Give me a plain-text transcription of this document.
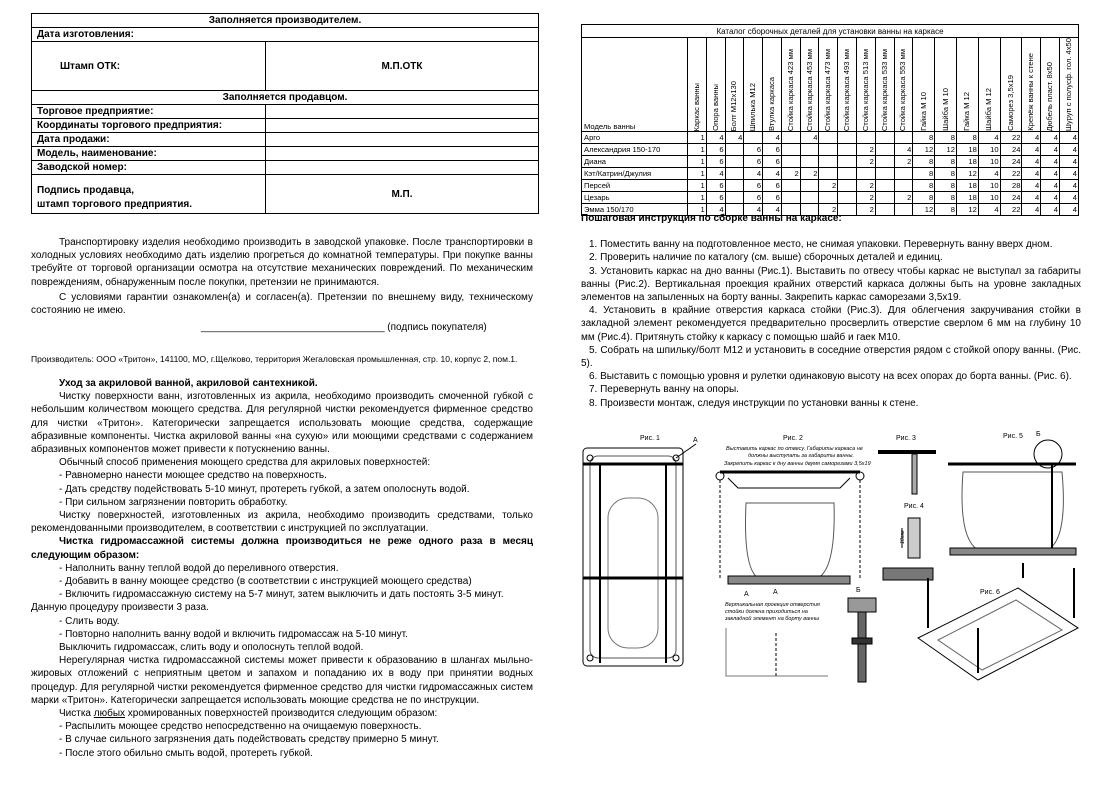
Заполняется производителем.	
Дата изготовления:	
Штамп ОТК:	М.П.ОТК
Заполняется продавцом.	
Торговое предприятие:	
Координаты торгового предприятия:	
Дата продажи:	
Модель, наименование:	
Заводской номер:	
Подпись продавца,
штамп торгового предприятия.	М.П.

Транспортировку изделия необходимо производить в заводской упаковке. После транспортировки в холодных условиях необходимо дать изделию прогреться до комнатной температуры. При покупке ванны требуйте от торговой организации осмотра на отсутствие механических повреждений. По механическим повреждениям, обнаруженным после покупки, претензии не принимаются.

С условиями гарантии ознакомлен(а) и согласен(а). Претензии по внешнему виду, техническому состоянию не имею.

_________________________________ (подпись покупателя)

Производитель: ООО «Тритон», 141100, МО, г.Щелково, территория Жегаловская промышленная, стр. 10, корпус 2, пом.1.

Уход за акриловой ванной, акриловой сантехникой.

Чистку поверхности ванн, изготовленных из акрила, необходимо производить смоченной губкой с небольшим количеством моющего средства. Для регулярной чистки рекомендуется фирменное средство для чистки «Тритон». Категорически запрещается использовать моющие средства, содержащие абразивные компоненты. Чистка акриловой ванны «на сухую» или моющими средствами с содержанием абразивных компонентов может привести к потускнению ванны.

Обычный способ применения моющего средства для акриловых поверхностей:

- Равномерно нанести моющее средство на поверхность.

- Дать средству подействовать 5-10 минут, протереть губкой, а затем ополоснуть водой.

- При сильном загрязнении повторить обработку.

Чистку поверхностей, изготовленных из акрила, необходимо производить средствами, только рекомендованными производителем, в соответствии с инструкцией по эксплуатации.

Чистка гидромассажной системы должна производиться не реже одного раза в месяц следующим образом:

- Наполнить ванну теплой водой до переливного отверстия.

- Добавить в ванну моющее средство (в соответствии с инструкцией моющего средства)

- Включить гидромассажную систему на 5-7 минут, затем выключить и дать постоять 3-5 минут.

Данную процедуру произвести 3 раза.

- Слить воду.

- Повторно наполнить ванну водой и включить гидромассаж на 5-10 минут.

Выключить гидромассаж, слить воду и ополоснуть теплой водой.

Нерегулярная чистка гидромассажной системы может привести к образованию в шлангах мыльно-жировых отложений с неприятным цветом и запахом и попаданию их в воду при принятии водных процедур. Для регулярной чистки рекомендуется фирменное средство для чистки гидромассажных систем марки «Тритон». Категорически запрещается использовать моющие средства не по инструкции.

Чистка любых хромированных поверхностей производится следующим образом:

- Распылить моющее средство непосредственно на очищаемую поверхность.

- В случае сильного загрязнения дать подействовать средству примерно 5 минут.

- После этого обильно смыть водой, протереть губкой.

Каталог сборочных деталей для установки ванны на каркасе																				
Модель ванны	Каркас ванны	Опора ванны	Болт М12х130	Шпилька М12	Втулка каркаса	Стойка каркаса 423 мм	Стойка каркаса 453 мм	Стойка каркаса 473 мм	Стойка каркаса 493 мм	Стойка каркаса 513 мм	Стойка каркаса 533 мм	Стойка каркаса 553 мм	Гайка М 10	Шайба М 10	Гайка М 12	Шайба М 12	Саморез 3,5х19	Крепёж ванны к стене	Дюбель пласт. 8х50	Шуруп с полусф. гол. 4х50

Арго	1	4	4		4		4						8	8	8	4	22	4	4	4
Александрия 150-170	1	6		6	6					2		4	12	12	18	10	24	4	4	4
Диана	1	6		6	6					2		2	8	8	18	10	24	4	4	4
Кэт/Катрин/Джулия	1	4		4	4	2	2						8	8	12	4	22	4	4	4
Персей	1	6		6	6			2		2			8	8	18	10	28	4	4	4
Цезарь	1	6		6	6					2		2	8	8	18	10	24	4	4	4
Эмма 150/170	1	4		4	4			2		2			12	8	12	4	22	4	4	4

Пошаговая инструкция по сборке ванны на каркасе:

1. Поместить ванну на подготовленное место, не снимая упаковки. Перевернуть ванну вверх дном.

2. Проверить наличие по каталогу (см. выше) сборочных деталей и единиц.

3. Установить каркас на дно ванны (Рис.1). Выставить по отвесу чтобы каркас не выступал за габариты ванны (Рис.2). Вертикальная проекция крайних отверстий каркаса должны быть на уровне закладных элементов на запыленных на борту ванны. Закрепить каркас саморезами 3,5х19.

4. Установить в крайние отверстия каркаса стойки (Рис.3). Для облегчения закручивания стойки в закладной элемент рекомендуется предварительно просверлить отверстие сверлом 6 мм на глубину 10 мм (Рис.4). Притянуть стойку к каркасу с помощью шайб и гаек М10.

5. Собрать на шпильку/болт М12 и установить в соседние отверстия рядом с стойкой опору ванны. (Рис. 5).

6. Выставить с помощью уровня и рулетки одинаковую высоту на всех опорах до борта ванны. (Рис. 6).

7. Перевернуть ванну на опоры.

8. Произвести монтаж, следуя инструкции по установки ванны к стене.

Рис. 1	А	Рис. 2
Выставить каркас по отвесу. Габариты каркаса не
должны выступать за габариты ванны.
Закрепить каркас к дну ванны двумя саморезами 3,5х19
А
Рис. 3
Рис. 4
10мм
Рис. 5 Б
А
Вертикальная проекция отверстия
стойки должна приходиться на
закладной элемент на борту ванны
Б	Рис. 6
